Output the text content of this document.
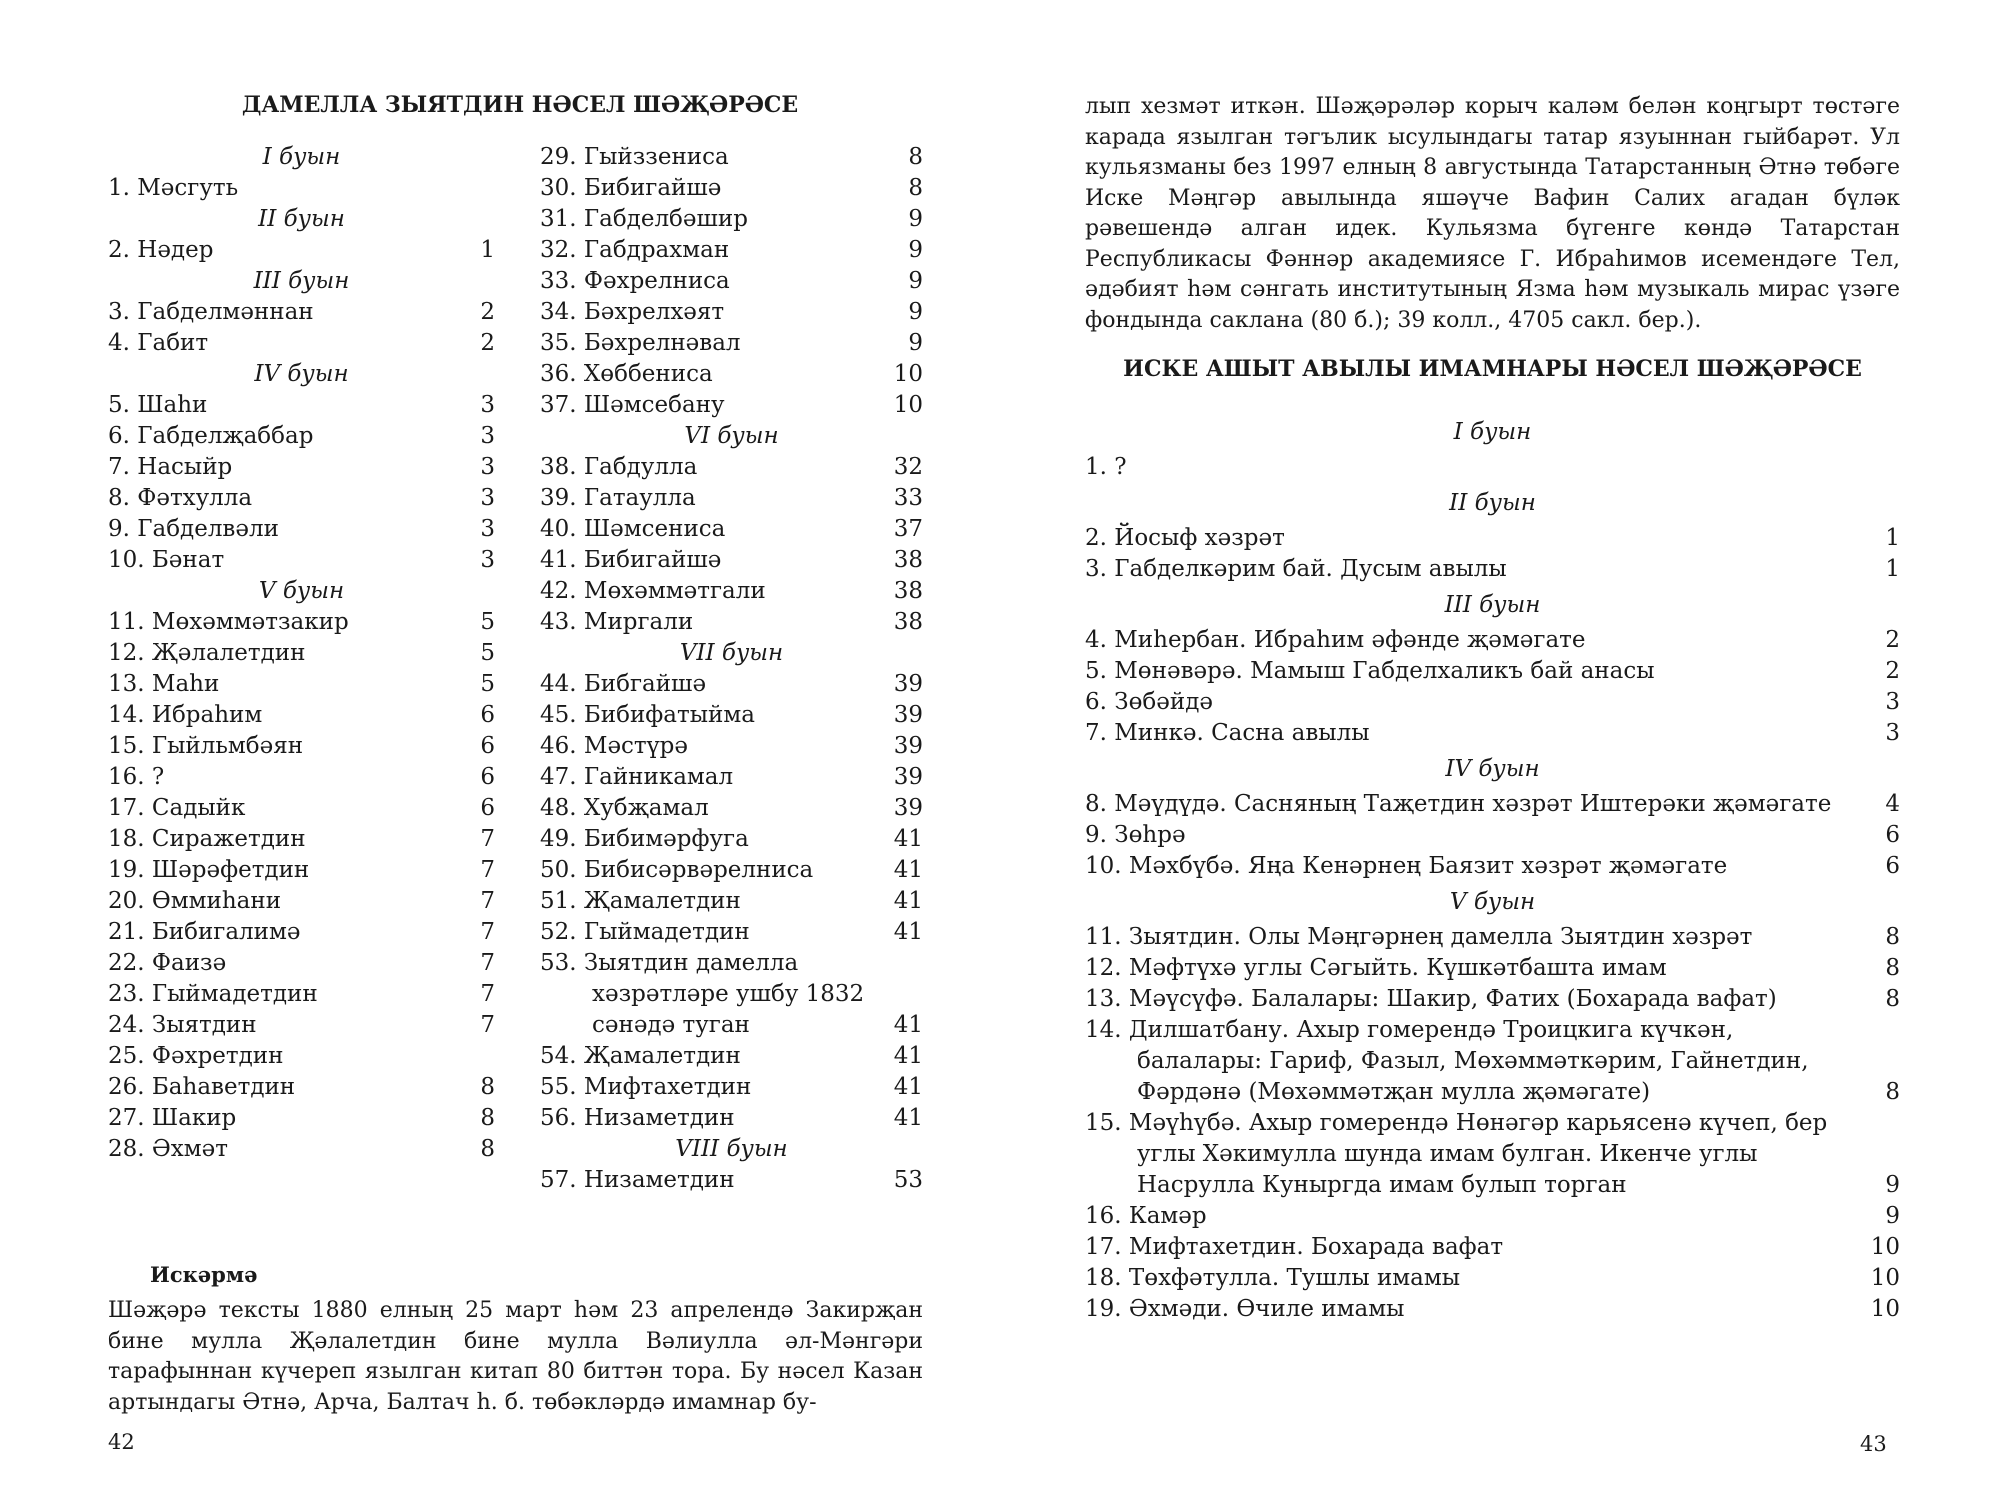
ДАМЕЛЛА ЗЫЯТДИН НӘСЕЛ ШӘҖӘРӘСЕ
I буын
1. Мәсгуть
II буын
2. Нәдер	1
III буын
3. Габделмәннан	2
4. Габит	2
IV буын
5. Шаһи	3
6. Габделҗаббар	3
7. Насыйр	3
8. Фәтхулла	3
9. Габделвәли	3
10. Бәнат	3
V буын
11. Мөхәммәтзакир	5
12. Җәлалетдин	5
13. Маһи	5
14. Ибраһим	6
15. Гыйльмбәян	6
16. ?	6
17. Садыйк	6
18. Сиражетдин	7
19. Шәрәфетдин	7
20. Өммиһани	7
21. Бибигалимә	7
22. Фаизә	7
23. Гыймадетдин	7
24. Зыятдин	7
25. Фәхретдин
26. Баһаветдин	8
27. Шакир	8
28. Әхмәт	8
29. Гыйззениса	8
30. Бибигайшә	8
31. Габделбәшир	9
32. Габдрахман	9
33. Фәхрелниса	9
34. Бәхрелхәят	9
35. Бәхрелнәвал	9
36. Хөббениса	10
37. Шәмсебану	10
VI буын
38. Габдулла	32
39. Гатаулла	33
40. Шәмсениса	37
41. Бибигайшә	38
42. Мөхәммәтгали	38
43. Миргали	38
VII буын
44. Бибгайшә	39
45. Бибифатыйма	39
46. Мәстүрә	39
47. Гайникамал	39
48. Хубҗамал	39
49. Бибимәрфуга	41
50. Бибисәрвәрелниса	41
51. Җамалетдин	41
52. Гыймадетдин	41
53. Зыятдин дамелла хәзрәтләре ушбу 1832 сәнәдә туган	41
54. Җамалетдин	41
55. Мифтахетдин	41
56. Низаметдин	41
VIII буын
57. Низаметдин	53
Искәрмә
Шәҗәрә тексты 1880 елның 25 март һәм 23 апрелендә Закирҗан бине мулла Җәлалетдин бине мулла Вәлиулла әл-Мәнгәри тарафыннан күчереп язылган китап 80 биттән тора. Бу нәсел Казан артындагы Әтнә, Арча, Балтач һ. б. төбәкләрдә имамнар бу-
42
лып хезмәт иткән. Шәҗәрәләр корыч каләм белән коңгырт төстәге карада язылган тәгълик ысулындагы татар язуыннан гыйбарәт. Ул кульязманы без 1997 елның 8 августында Татарстанның Әтнә төбәге Иске Мәңгәр авылында яшәүче Вафин Салих агадан бүләк рәвешендә алган идек. Кульязма бүгенге көндә Татарстан Республикасы Фәннәр академиясе Г. Ибраһимов исемендәге Тел, әдәбият һәм сәнгать институтының Язма һәм музыкаль мирас үзәге фондында саклана (80 б.); 39 колл., 4705 сакл. бер.).
ИСКЕ АШЫТ АВЫЛЫ ИМАМНАРЫ НӘСЕЛ ШӘҖӘРӘСЕ
I буын
1. ?
II буын
2. Йосыф хәзрәт	1
3. Габделкәрим бай. Дусым авылы	1
III буын
4. Миһербан. Ибраһим әфәнде җәмәгате	2
5. Мөнәвәрә. Мамыш Габделхаликъ бай анасы	2
6. Зөбәйдә	3
7. Минкә. Сасна авылы	3
IV буын
8. Мәүдүдә. Сасняның Таҗетдин хәзрәт Иштерәки җәмәгате	4
9. Зөһрә	6
10. Мәхбүбә. Яңа Кенәрнең Баязит хәзрәт җәмәгате	6
V буын
11. Зыятдин. Олы Мәңгәрнең дамелла Зыятдин хәзрәт	8
12. Мәфтүхә углы Сәгыйть. Күшкәтбашта имам	8
13. Мәүсүфә. Балалары: Шакир, Фатих (Бохарада вафат)	8
14. Дилшатбану. Ахыр гомерендә Троицкига күчкән, балалары: Гариф, Фазыл, Мөхәммәткәрим, Гайнетдин, Фәрдәнә (Мөхәммәтҗан мулла җәмәгате)	8
15. Мәүһүбә. Ахыр гомерендә Нөнәгәр карьясенә күчеп, бер углы Хәкимулла шунда имам булган. Икенче углы Насрулла Куныргда имам булып торган	9
16. Камәр	9
17. Мифтахетдин. Бохарада вафат	10
18. Төхфәтулла. Тушлы имамы	10
19. Әхмәди. Өчиле имамы	10
43
